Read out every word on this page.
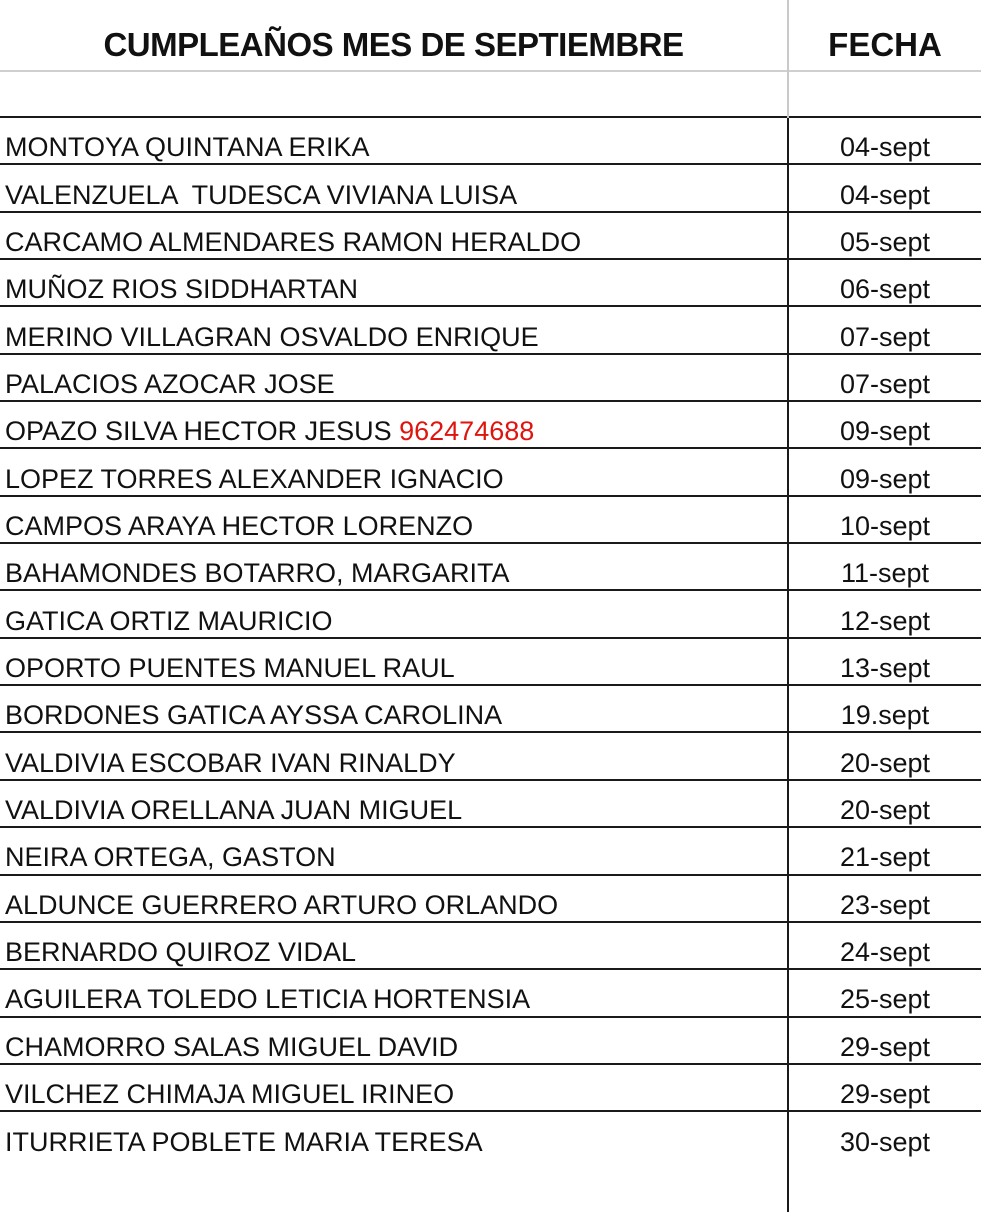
CUMPLEAÑOS MES DE SEPTIEMBRE	FECHA
MONTOYA QUINTANA ERIKA	04-sept
VALENZUELA  TUDESCA VIVIANA LUISA	04-sept
CARCAMO ALMENDARES RAMON HERALDO	05-sept
MUÑOZ RIOS SIDDHARTAN	06-sept
MERINO VILLAGRAN OSVALDO ENRIQUE	07-sept
PALACIOS AZOCAR JOSE	07-sept
OPAZO SILVA HECTOR JESUS 962474688	09-sept
LOPEZ TORRES ALEXANDER IGNACIO	09-sept
CAMPOS ARAYA HECTOR LORENZO	10-sept
BAHAMONDES BOTARRO, MARGARITA	11-sept
GATICA ORTIZ MAURICIO	12-sept
OPORTO PUENTES MANUEL RAUL	13-sept
BORDONES GATICA AYSSA CAROLINA	19.sept
VALDIVIA ESCOBAR IVAN RINALDY	20-sept
VALDIVIA ORELLANA JUAN MIGUEL	20-sept
NEIRA ORTEGA, GASTON	21-sept
ALDUNCE GUERRERO ARTURO ORLANDO	23-sept
BERNARDO QUIROZ VIDAL	24-sept
AGUILERA TOLEDO LETICIA HORTENSIA	25-sept
CHAMORRO SALAS MIGUEL DAVID	29-sept
VILCHEZ CHIMAJA MIGUEL IRINEO	29-sept
ITURRIETA POBLETE MARIA TERESA	30-sept
